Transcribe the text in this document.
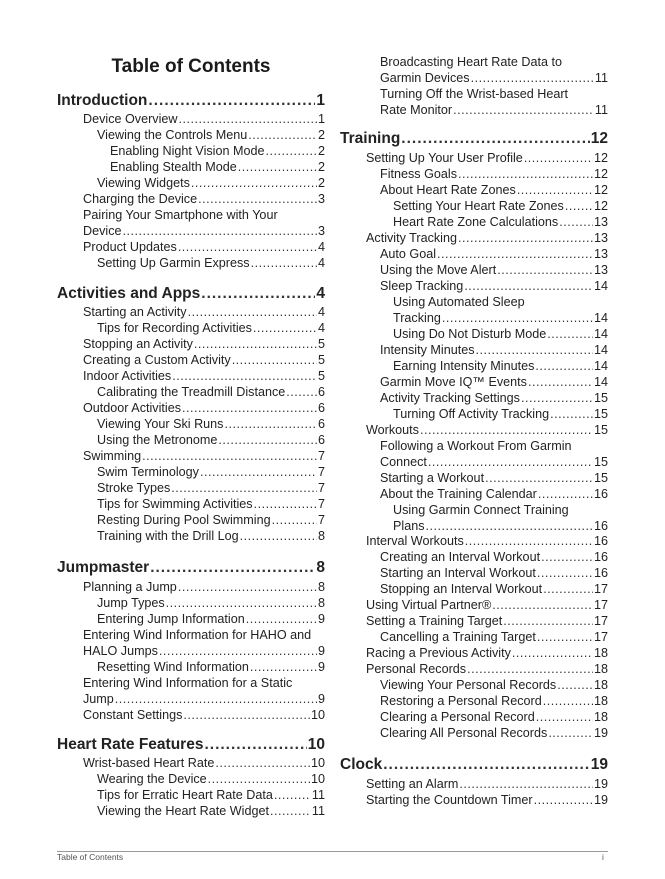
Table of Contents
Introduction .....	1
Device Overview .....	1
Viewing the Controls Menu .....	2
Enabling Night Vision Mode .....	2
Enabling Stealth Mode .....	2
Viewing Widgets .....	2
Charging the Device .....	3
Pairing Your Smartphone with Your
Device .....	3
Product Updates .....	4
Setting Up Garmin Express .....	4
Activities and Apps .....	4
Starting an Activity .....	4
Tips for Recording Activities .....	4
Stopping an Activity .....	5
Creating a Custom Activity .....	5
Indoor Activities .....	5
Calibrating the Treadmill Distance .....	6
Outdoor Activities .....	6
Viewing Your Ski Runs .....	6
Using the Metronome .....	6
Swimming .....	7
Swim Terminology .....	7
Stroke Types .....	7
Tips for Swimming Activities .....	7
Resting During Pool Swimming .....	7
Training with the Drill Log .....	8
Jumpmaster .....	8
Planning a Jump .....	8
Jump Types .....	8
Entering Jump Information .....	9
Entering Wind Information for HAHO and
HALO Jumps .....	9
Resetting Wind Information .....	9
Entering Wind Information for a Static
Jump .....	9
Constant Settings .....	10
Heart Rate Features .....	10
Wrist-based Heart Rate .....	10
Wearing the Device .....	10
Tips for Erratic Heart Rate Data .....	11
Viewing the Heart Rate Widget .....	11
Broadcasting Heart Rate Data to
Garmin Devices .....	11
Turning Off the Wrist-based Heart
Rate Monitor .....	11
Training .....	12
Setting Up Your User Profile .....	12
Fitness Goals .....	12
About Heart Rate Zones .....	12
Setting Your Heart Rate Zones ..... 12
Heart Rate Zone Calculations .....	13
Activity Tracking .....	13
Auto Goal .....	13
Using the Move Alert .....	13
Sleep Tracking .....	14
Using Automated Sleep
Tracking .....	14
Using Do Not Disturb Mode .....	14
Intensity Minutes .....	14
Earning Intensity Minutes .....	14
Garmin Move IQ™ Events .....	14
Activity Tracking Settings .....	15
Turning Off Activity Tracking .....	15
Workouts .....	15
Following a Workout From Garmin
Connect .....	15
Starting a Workout .....	15
About the Training Calendar .....	16
Using Garmin Connect Training
Plans .....	16
Interval Workouts .....	16
Creating an Interval Workout .....	16
Starting an Interval Workout .....	16
Stopping an Interval Workout .....	17
Using Virtual Partner® .....	17
Setting a Training Target .....	17
Cancelling a Training Target .....	17
Racing a Previous Activity .....	18
Personal Records .....	18
Viewing Your Personal Records .....	18
Restoring a Personal Record .....	18
Clearing a Personal Record .....	18
Clearing All Personal Records .....	19
Clock .....	19
Setting an Alarm .....	19
Starting the Countdown Timer .....	19
Table of Contents	i
